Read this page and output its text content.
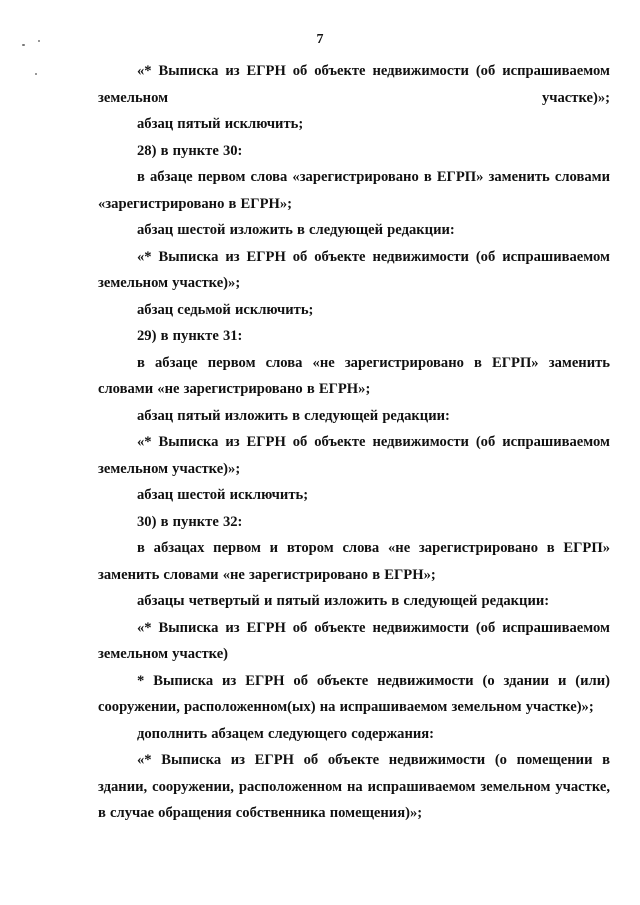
7

«* Выписка из ЕГРН об объекте недвижимости (об испрашиваемом земельном участке)»;

абзац пятый исключить;

28) в пункте 30:

в абзаце первом слова «зарегистрировано в ЕГРП» заменить словами «зарегистрировано в ЕГРН»;

абзац шестой изложить в следующей редакции:

«* Выписка из ЕГРН об объекте недвижимости (об испрашиваемом земельном участке)»;

абзац седьмой исключить;

29) в пункте 31:

в абзаце первом слова «не зарегистрировано в ЕГРП» заменить словами «не зарегистрировано в ЕГРН»;

абзац пятый изложить в следующей редакции:

«* Выписка из ЕГРН об объекте недвижимости (об испрашиваемом земельном участке)»;

абзац шестой исключить;

30) в пункте 32:

в абзацах первом и втором слова «не зарегистрировано в ЕГРП» заменить словами «не зарегистрировано в ЕГРН»;

абзацы четвертый и пятый изложить в следующей редакции:

«* Выписка из ЕГРН об объекте недвижимости (об испрашиваемом земельном участке)

* Выписка из ЕГРН об объекте недвижимости (о здании и (или) сооружении, расположенном(ых) на испрашиваемом земельном участке)»;

дополнить абзацем следующего содержания:

«* Выписка из ЕГРН об объекте недвижимости (о помещении в здании, сооружении, расположенном на испрашиваемом земельном участке, в случае обращения собственника помещения)»;
